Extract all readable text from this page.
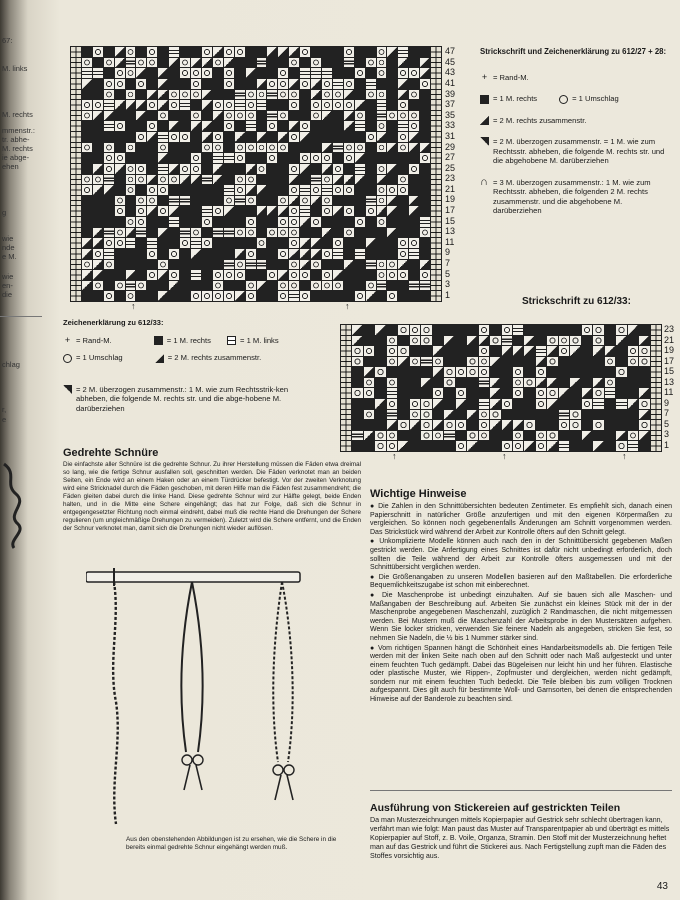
67:
M. links
M. rechts
mmenstr.:
tr. abhe-
M. rechts
ie abge-
ehen
g
wie
nde
e M.
wie
en-
die
chlag
r,
e
47
45
43
41
39
37
35
33
31
29
27
25
23
21
19
17
15
13
11
9
7
5
3
1
↑	↑
Strickschrift und Zeichenerklärung zu 612/27 + 28:
+ = Rand-M.
= 1 M. rechts	= 1 Umschlag
= 2 M. rechts zusammenstr.
= 2 M. überzogen zusammenstr. = 1 M. wie zum Rechtsstr. abheben, die folgende M. rechts str. und die abgehobene M. darüberziehen
∩ = 3 M. überzogen zusammenstr.: 1 M. wie zum Rechtsstr. abheben, die folgenden 2 M. rechts zusammenstr. und die abgehobene M. darüberziehen
Strickschrift zu 612/33:
Zeichenerklärung zu 612/33:
+ = Rand-M.	= 1 M. rechts	= 1 M. links
= 1 Umschlag	= 2 M. rechts zusammenstr.
= 2 M. überzogen zusammenstr.: 1 M. wie zum Rechtsstrik-ken abheben, die folgende M. rechts str. und die abge-hobene M. darüberziehen
23
21
19
17
15
13
11
9
7
5
3
1
↑	↑	↑
Gedrehte Schnüre
Die einfachste aller Schnüre ist die gedrehte Schnur. Zu ihrer Herstellung müssen die Fäden etwa dreimal so lang, wie die fertige Schnur ausfallen soll, geschnitten werden. Die Fäden verknotet man an beiden Seiten, ein Ende wird an einem Haken oder an einem Türdrücker befestigt. Vor der zweiten Verknotung wird eine Stricknadel durch die Fäden geschoben, mit deren Hilfe man die Fäden fest zusammendreht; die Fäden gleiten dabei durch die linke Hand. Diese gedrehte Schnur wird zur Hälfte gelegt, beide Enden halten, und in die Mitte eine Schere eingehängt; das hat zur Folge, daß sich die Schnur in entgegengesetzter Richtung noch einmal eindreht, dabei muß die rechte Hand die Drehungen der Schere regulieren (um ungleichmäßige Drehungen zu vermeiden). Zuletzt wird die Schere entfernt, und die Enden der Schnur verknotet man, damit sich die Drehungen nicht wieder auflösen.
Aus den obenstehenden Abbildungen ist zu ersehen, wie die Schere in die bereits einmal gedrehte Schnur eingehängt werden muß.
Wichtige Hinweise
● Die Zahlen in den Schnittübersichten bedeuten Zentimeter. Es empfiehlt sich, danach einen Papierschnitt in natürlicher Größe anzufertigen und mit den eigenen Körpermaßen zu vergleichen. So können noch gegebenenfalls Änderungen am Schnitt vorgenommen werden. Das Strickstück wird während der Arbeit zur Kontrolle öfters auf den Schnitt gelegt.
● Unkomplizierte Modelle können auch nach den in der Schnittübersicht gegebenen Maßen gestrickt werden. Die Anfertigung eines Schnittes ist dafür nicht unbedingt erforderlich, doch sollten die Teile während der Arbeit zur Kontrolle öfters ausgemessen und mit der Schnittübersicht verglichen werden.
● Die Größenangaben zu unseren Modellen basieren auf den Maßtabellen. Die erforderliche Bequemlichkeitszugabe ist schon mit einberechnet.
● Die Maschenprobe ist unbedingt einzuhalten. Auf sie bauen sich alle Maschen- und Maßangaben der Beschreibung auf. Arbeiten Sie zunächst ein kleines Stück mit der in der Maschenprobe angegebenen Maschenzahl, zuzüglich 2 Randmaschen, die nicht mitgemessen werden. Bei Mustern muß die Maschenzahl der Arbeitsprobe in den Mustersätzen aufgehen. Wenn Sie locker stricken, verwenden Sie feinere Nadeln als angegeben, stricken Sie fest, so nehmen Sie Nadeln, die ½ bis 1 Nummer stärker sind.
● Vom richtigen Spannen hängt die Schönheit eines Handarbeitsmodells ab. Die fertigen Teile werden mit der linken Seite nach oben auf den Schnitt oder nach Maß aufgesteckt und unter einem feuchten Tuch gedämpft. Dabei das Bügeleisen nur leicht hin und her führen. Elastische oder plastische Muster, wie Rippen-, Zopfmuster und dergleichen, werden nicht gedämpft, sondern nur mit einem feuchten Tuch bedeckt. Die Teile bleiben bis zum völligen Trocknen aufgespannt. Dies gilt auch für bestimmte Woll- und Garnsorten, bei denen die entsprechenden Hinweise auf der Banderole zu beachten sind.
Ausführung von Stickereien auf gestrickten Teilen
Da man Musterzeichnungen mittels Kopierpapier auf Gestrick sehr schlecht übertragen kann, verfährt man wie folgt: Man paust das Muster auf Transparentpapier ab und überträgt es mittels Kopierpapier auf Stoff, z. B. Voile, Organza, Stramin. Den Stoff mit der Musterzeichnung heftet man auf das Gestrick und führt die Stickerei aus. Nach Fertigstellung zupft man die Fäden des Stoffes vorsichtig aus.
43
